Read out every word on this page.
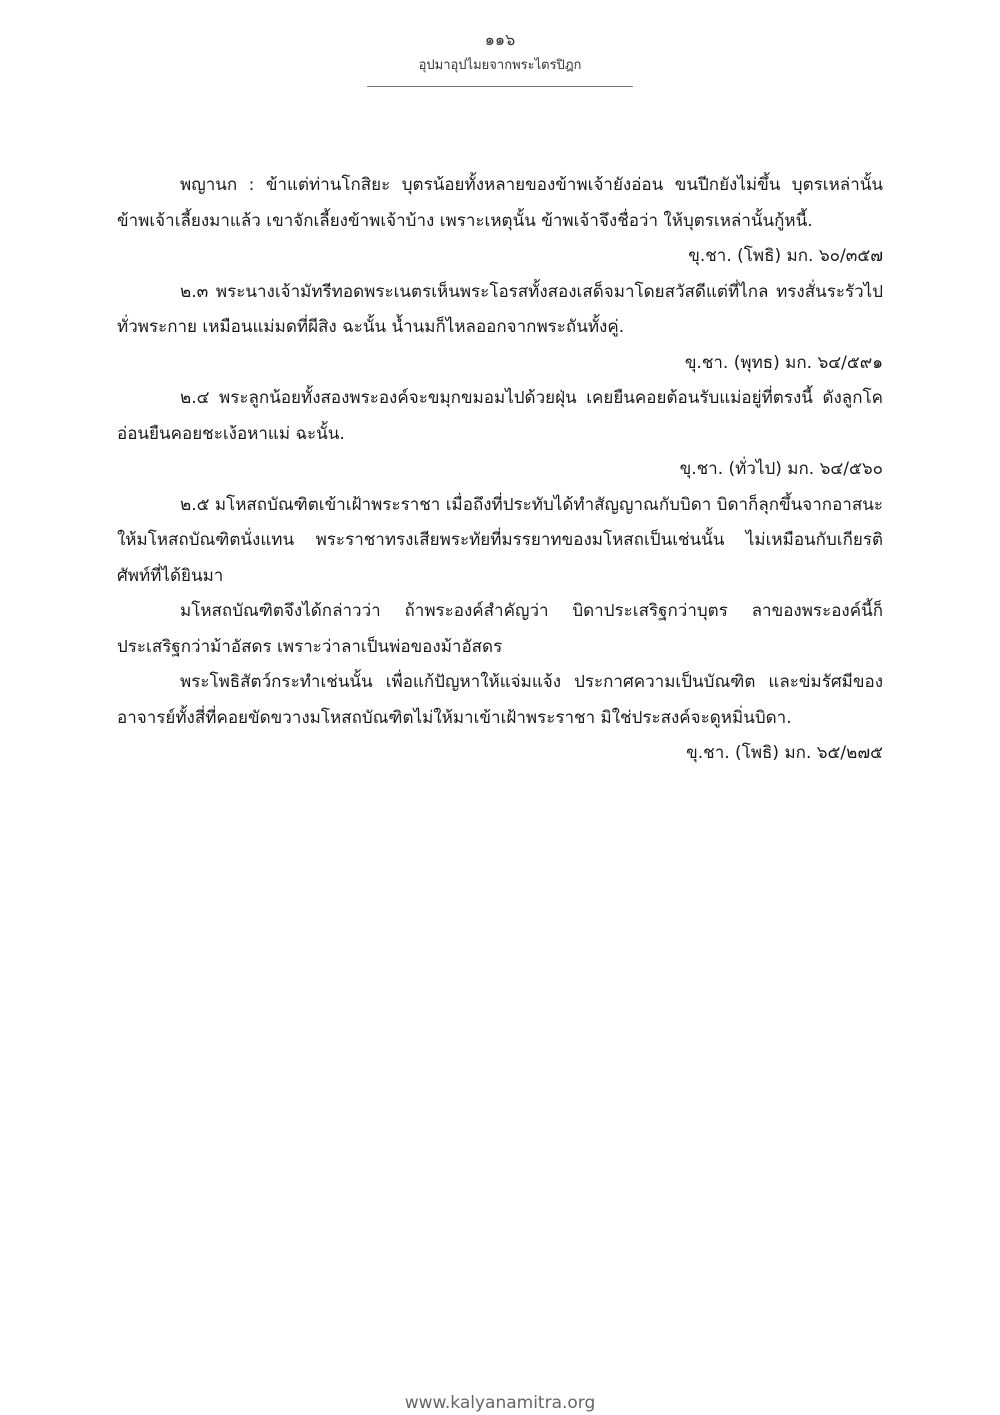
๑๑๖
อุปมาอุปไมยจากพระไตรปิฎก

พญานก : ข้าแต่ท่านโกสิยะ บุตรน้อยทั้งหลายของข้าพเจ้ายังอ่อน ขนปีกยังไม่ขึ้น บุตรเหล่านั้นข้าพเจ้าเลี้ยงมาแล้ว เขาจักเลี้ยงข้าพเจ้าบ้าง เพราะเหตุนั้น ข้าพเจ้าจึงชื่อว่า ให้บุตรเหล่านั้นกู้หนี้.

ขุ.ชา. (โพธิ) มก. ๖๐/๓๕๗

๒.๓ พระนางเจ้ามัทรีทอดพระเนตรเห็นพระโอรสทั้งสองเสด็จมาโดยสวัสดีแต่ที่ไกล ทรงสั่นระรัวไปทั่วพระกาย เหมือนแม่มดที่ผีสิง ฉะนั้น น้ำนมก็ไหลออกจากพระถันทั้งคู่.

ขุ.ชา. (พุทธ) มก. ๖๔/๕๙๑

๒.๔ พระลูกน้อยทั้งสองพระองค์จะขมุกขมอมไปด้วยฝุ่น เคยยืนคอยต้อนรับแม่อยู่ที่ตรงนี้ ดังลูกโคอ่อนยืนคอยชะเง้อหาแม่ ฉะนั้น.

ขุ.ชา. (ทั่วไป) มก. ๖๔/๕๖๐

๒.๕ มโหสถบัณฑิตเข้าเฝ้าพระราชา เมื่อถึงที่ประทับได้ทำสัญญาณกับบิดา บิดาก็ลุกขึ้นจากอาสนะ ให้มโหสถบัณฑิตนั่งแทน พระราชาทรงเสียพระทัยที่มรรยาทของมโหสถเป็นเช่นนั้น ไม่เหมือนกับเกียรติศัพท์ที่ได้ยินมา

มโหสถบัณฑิตจึงได้กล่าวว่า ถ้าพระองค์สำคัญว่า บิดาประเสริฐกว่าบุตร ลาของพระองค์นี้ก็ประเสริฐกว่าม้าอัสดร เพราะว่าลาเป็นพ่อของม้าอัสดร

พระโพธิสัตว์กระทำเช่นนั้น เพื่อแก้ปัญหาให้แจ่มแจ้ง ประกาศความเป็นบัณฑิต และข่มรัศมีของอาจารย์ทั้งสี่ที่คอยขัดขวางมโหสถบัณฑิตไม่ให้มาเข้าเฝ้าพระราชา มิใช่ประสงค์จะดูหมิ่นบิดา.

ขุ.ชา. (โพธิ) มก. ๖๕/๒๗๕

www.kalyanamitra.org
